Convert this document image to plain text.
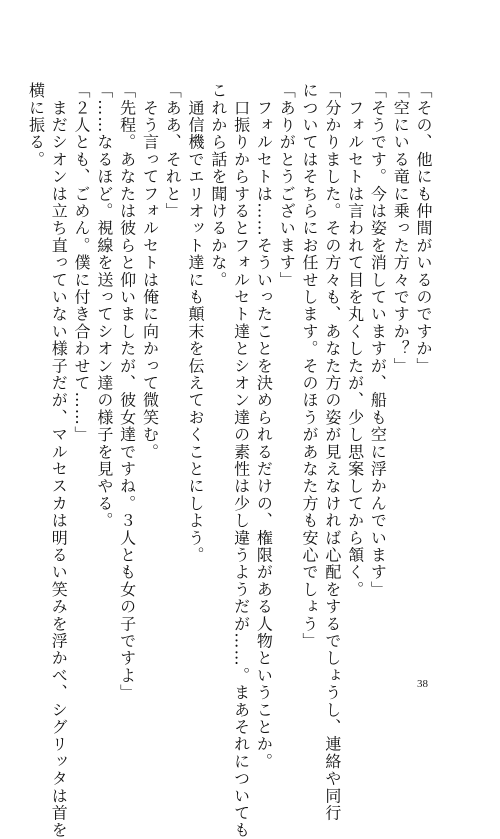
「その、他にも仲間がいるのですか」
「空にいる竜に乗った方々ですか？」
「そうです。今は姿を消していますが、船も空に浮かんでいます」
　フォルセトは言われて目を丸くしたが、少し思案してから頷く。
「分かりました。その方々も、あなた方の姿が見えなければ心配をするでしょうし、連絡や同行
についてはそちらにお任せします。そのほうがあなた方も安心でしょう」
「ありがとうございます」
　フォルセトは……そういったことを決められるだけの、権限がある人物ということか。
　口振りからするとフォルセト達とシオン達の素性は少し違うようだが……。まあそれについても
これから話を聞けるかな。
　通信機でエリオット達にも顛末を伝えておくことにしよう。
「ああ、それと」
　そう言ってフォルセトは俺に向かって微笑む。
「先程。あなたは彼らと仰いましたが、彼女達ですね。３人とも女の子ですよ」
「……なるほど。視線を送ってシオン達の様子を見やる。
「２人とも、ごめん。僕に付き合わせて……」
　まだシオンは立ち直っていない様子だが、マルセスカは明るい笑みを浮かべ、シグリッタは首を
横に振る。
38
